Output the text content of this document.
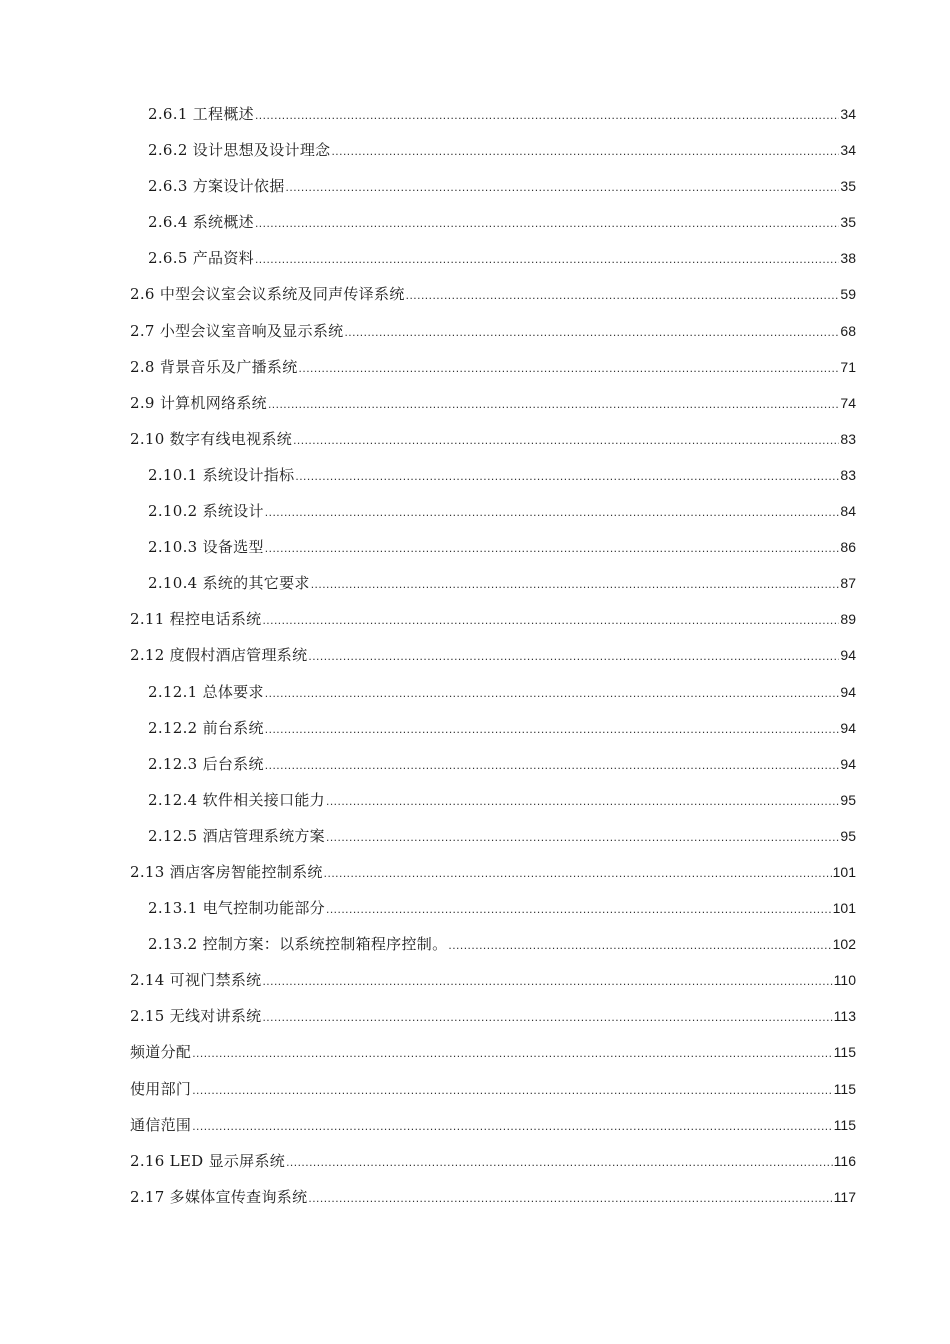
2.6.1 工程概述 .....	34
2.6.2 设计思想及设计理念 .....	34
2.6.3 方案设计依据 .....	35
2.6.4 系统概述 .....	35
2.6.5 产品资料 .....	38
2.6 中型会议室会议系统及同声传译系统 .....	59
2.7 小型会议室音响及显示系统 .....	68
2.8 背景音乐及广播系统 .....	71
2.9 计算机网络系统 .....	74
2.10 数字有线电视系统 .....	83
2.10.1 系统设计指标 .....	83
2.10.2 系统设计 .....	84
2.10.3 设备选型 .....	86
2.10.4 系统的其它要求 .....	87
2.11 程控电话系统 .....	89
2.12 度假村酒店管理系统 .....	94
2.12.1 总体要求 .....	94
2.12.2 前台系统 .....	94
2.12.3 后台系统 .....	94
2.12.4 软件相关接口能力 .....	95
2.12.5 酒店管理系统方案 .....	95
2.13 酒店客房智能控制系统 .....	101
2.13.1 电气控制功能部分 .....	101
2.13.2 控制方案：以系统控制箱程序控制。 .....	102
2.14 可视门禁系统 .....	110
2.15 无线对讲系统 .....	113
频道分配 .....	115
使用部门 .....	115
通信范围 .....	115
2.16 LED 显示屏系统 .....	116
2.17 多媒体宣传查询系统 .....	117
